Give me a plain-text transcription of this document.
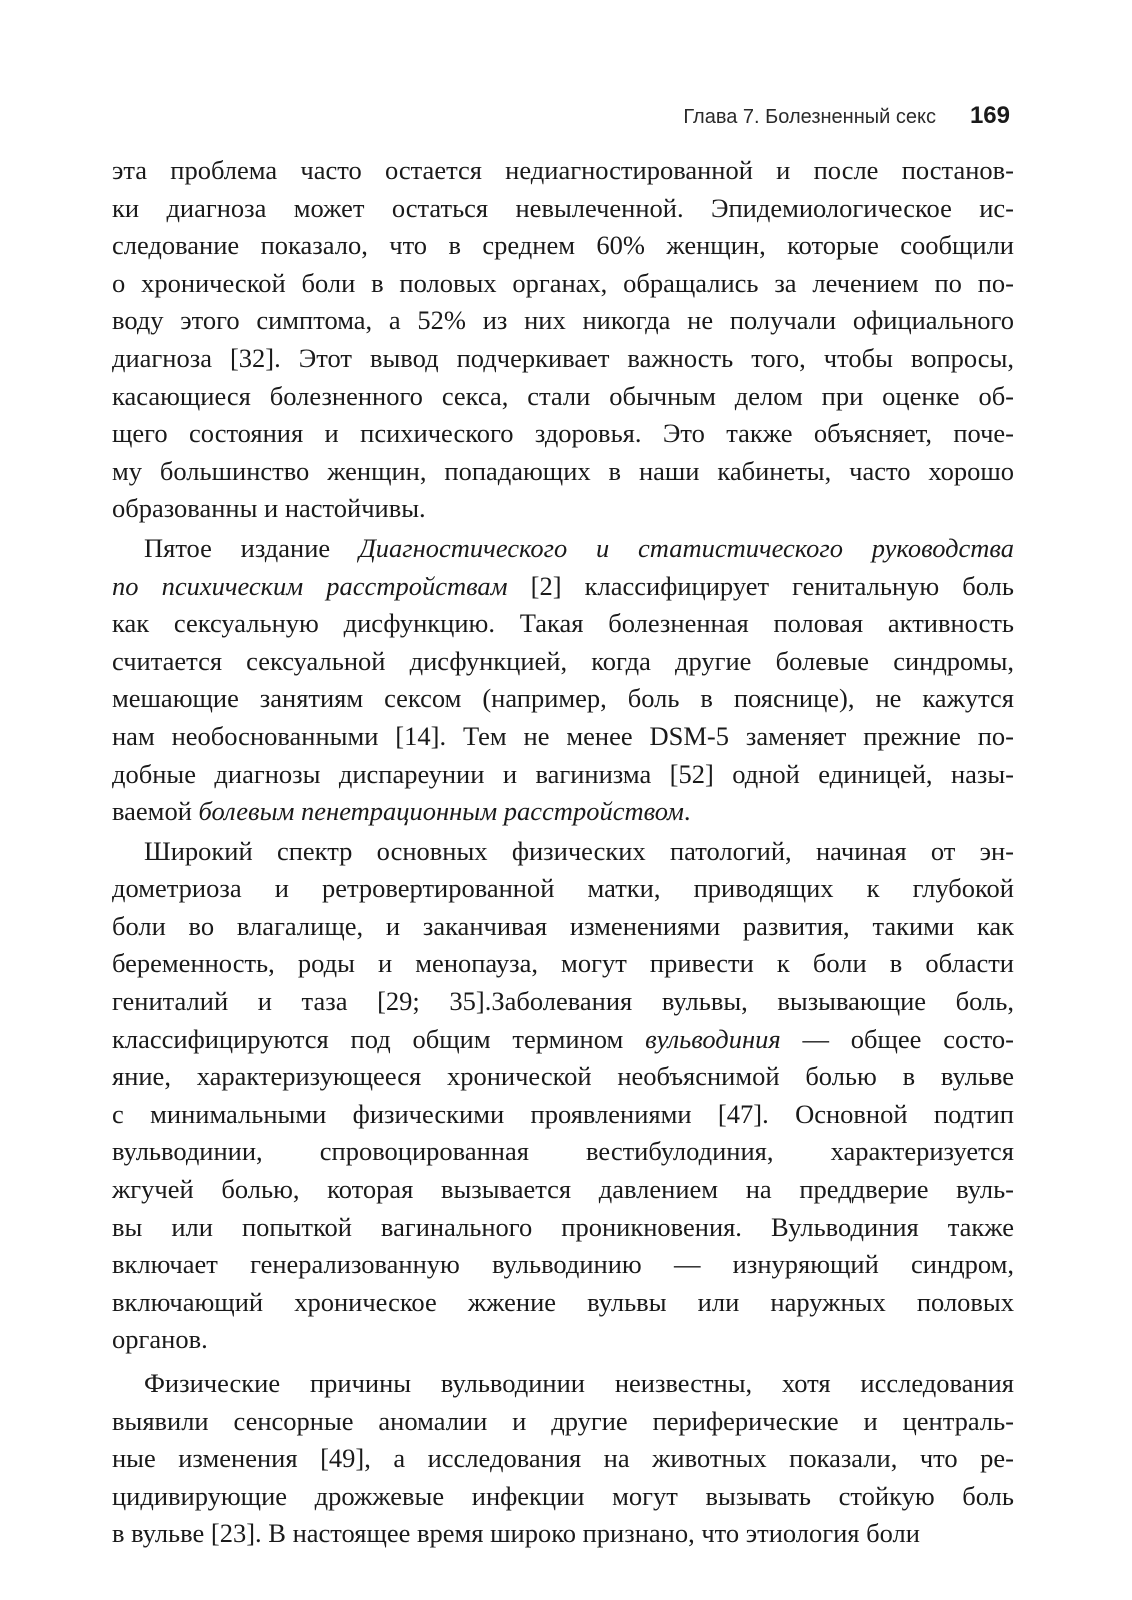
Глава 7. Болезненный секс 169

эта проблема часто остается недиагностированной и после постанов-
ки диагноза может остаться невылеченной. Эпидемиологическое ис-
следование показало, что в среднем 60% женщин, которые сообщили
о хронической боли в половых органах, обращались за лечением по по-
воду этого симптома, а 52% из них никогда не получали официального
диагноза [32]. Этот вывод подчеркивает важность того, чтобы вопросы,
касающиеся болезненного секса, стали обычным делом при оценке об-
щего состояния и психического здоровья. Это также объясняет, поче-
му большинство женщин, попадающих в наши кабинеты, часто хорошо
образованны и настойчивы.

Пятое издание Диагностического и статистического руководства
по психическим расстройствам [2] классифицирует генитальную боль
как сексуальную дисфункцию. Такая болезненная половая активность
считается сексуальной дисфункцией, когда другие болевые синдромы,
мешающие занятиям сексом (например, боль в пояснице), не кажутся
нам необоснованными [14]. Тем не менее DSM-5 заменяет прежние по-
добные диагнозы диспареунии и вагинизма [52] одной единицей, назы-
ваемой болевым пенетрационным расстройством.

Широкий спектр основных физических патологий, начиная от эн-
дометриоза и ретровертированной матки, приводящих к глубокой
боли во влагалище, и заканчивая изменениями развития, такими как
беременность, роды и менопауза, могут привести к боли в области
гениталий и таза [29; 35].Заболевания вульвы, вызывающие боль,
классифицируются под общим термином вульводиния — общее состо-
яние, характеризующееся хронической необъяснимой болью в вульве
с минимальными физическими проявлениями [47]. Основной подтип
вульводинии, спровоцированная вестибулодиния, характеризуется
жгучей болью, которая вызывается давлением на преддверие вуль-
вы или попыткой вагинального проникновения. Вульводиния также
включает генерализованную вульводинию — изнуряющий синдром,
включающий хроническое жжение вульвы или наружных половых
органов.

Физические причины вульводинии неизвестны, хотя исследования
выявили сенсорные аномалии и другие периферические и централь-
ные изменения [49], а исследования на животных показали, что ре-
цидивирующие дрожжевые инфекции могут вызывать стойкую боль
в вульве [23]. В настоящее время широко признано, что этиология боли
